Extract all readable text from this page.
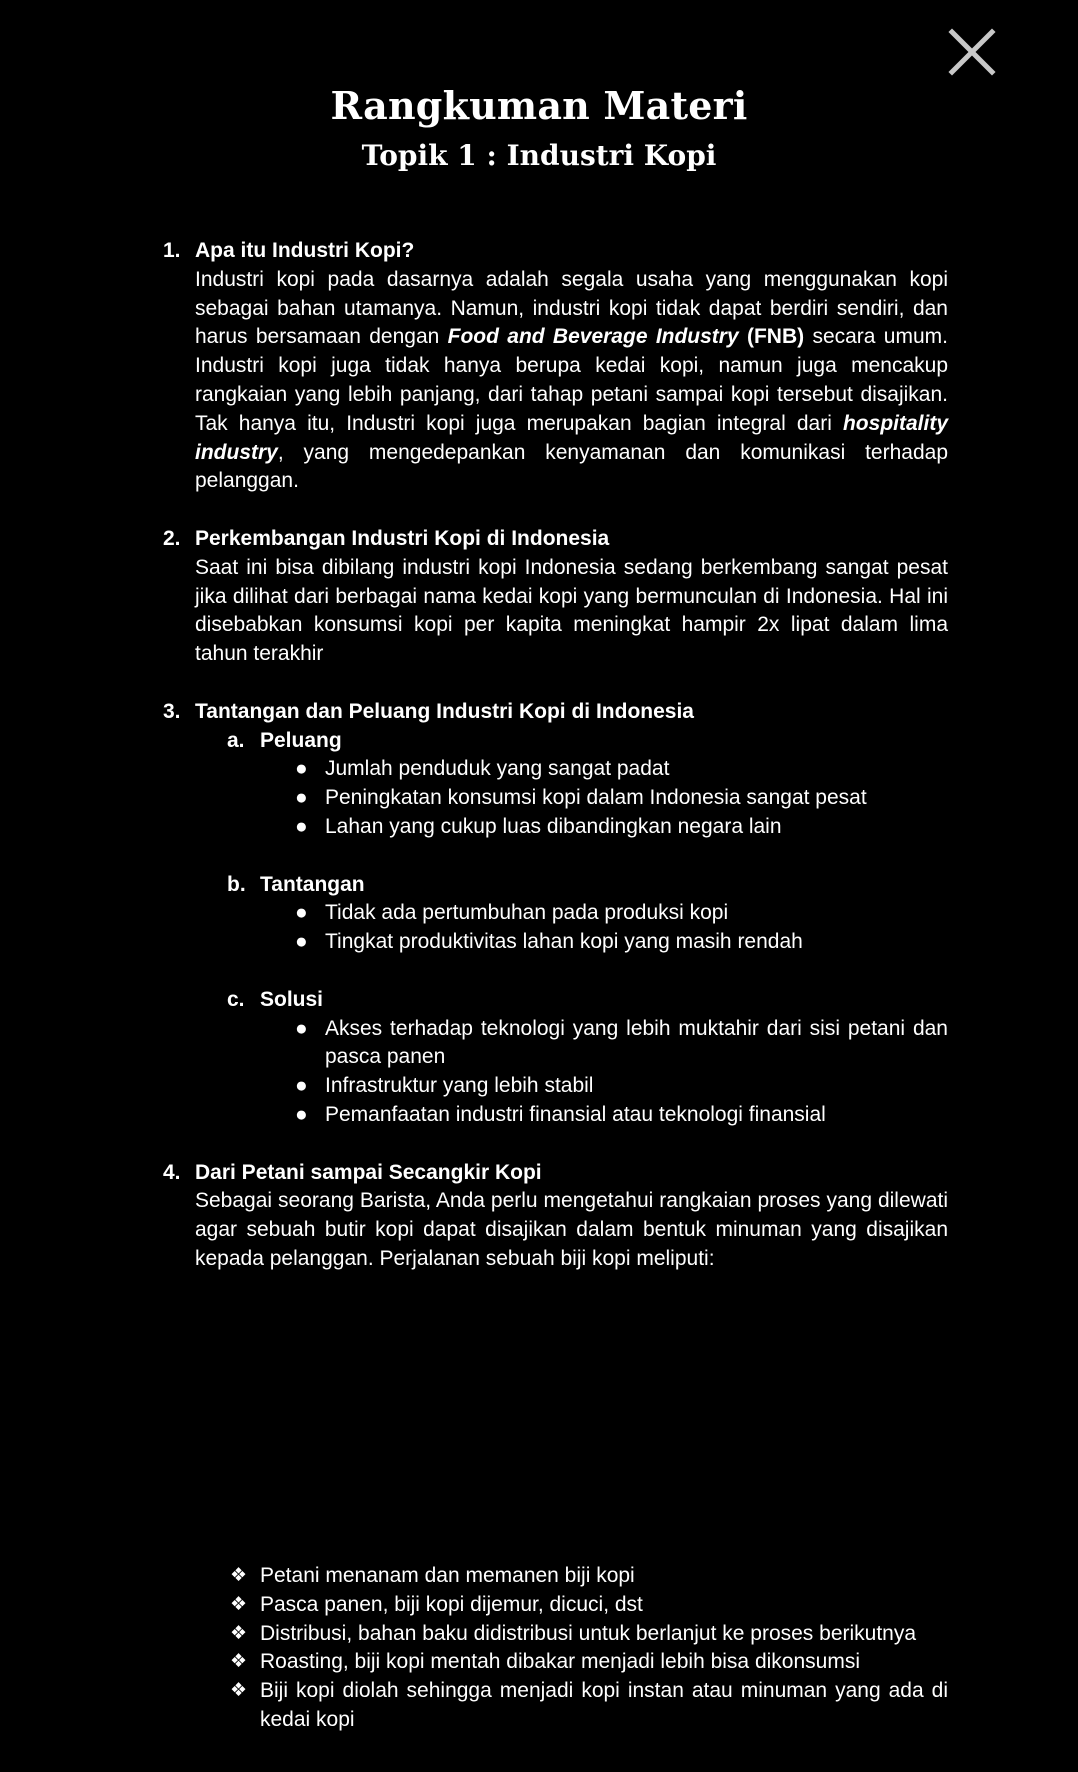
Rangkuman Materi
Topik 1 : Industri Kopi
1. Apa itu Industri Kopi?
Industri kopi pada dasarnya adalah segala usaha yang menggunakan kopi sebagai bahan utamanya. Namun, industri kopi tidak dapat berdiri sendiri, dan harus bersamaan dengan Food and Beverage Industry (FNB) secara umum. Industri kopi juga tidak hanya berupa kedai kopi, namun juga mencakup rangkaian yang lebih panjang, dari tahap petani sampai kopi tersebut disajikan. Tak hanya itu, Industri kopi juga merupakan bagian integral dari hospitality industry, yang mengedepankan kenyamanan dan komunikasi terhadap pelanggan.
2. Perkembangan Industri Kopi di Indonesia
Saat ini bisa dibilang industri kopi Indonesia sedang berkembang sangat pesat jika dilihat dari berbagai nama kedai kopi yang bermunculan di Indonesia. Hal ini disebabkan konsumsi kopi per kapita meningkat hampir 2x lipat dalam lima tahun terakhir
3. Tantangan dan Peluang Industri Kopi di Indonesia
a. Peluang
● Jumlah penduduk yang sangat padat
● Peningkatan konsumsi kopi dalam Indonesia sangat pesat
● Lahan yang cukup luas dibandingkan negara lain
b. Tantangan
● Tidak ada pertumbuhan pada produksi kopi
● Tingkat produktivitas lahan kopi yang masih rendah
c. Solusi
● Akses terhadap teknologi yang lebih muktahir dari sisi petani dan pasca panen
● Infrastruktur yang lebih stabil
● Pemanfaatan industri finansial atau teknologi finansial
4. Dari Petani sampai Secangkir Kopi
Sebagai seorang Barista, Anda perlu mengetahui rangkaian proses yang dilewati agar sebuah butir kopi dapat disajikan dalam bentuk minuman yang disajikan kepada pelanggan. Perjalanan sebuah biji kopi meliputi:
❖ Petani menanam dan memanen biji kopi
❖ Pasca panen, biji kopi dijemur, dicuci, dst
❖ Distribusi, bahan baku didistribusi untuk berlanjut ke proses berikutnya
❖ Roasting, biji kopi mentah dibakar menjadi lebih bisa dikonsumsi
❖ Biji kopi diolah sehingga menjadi kopi instan atau minuman yang ada di kedai kopi
